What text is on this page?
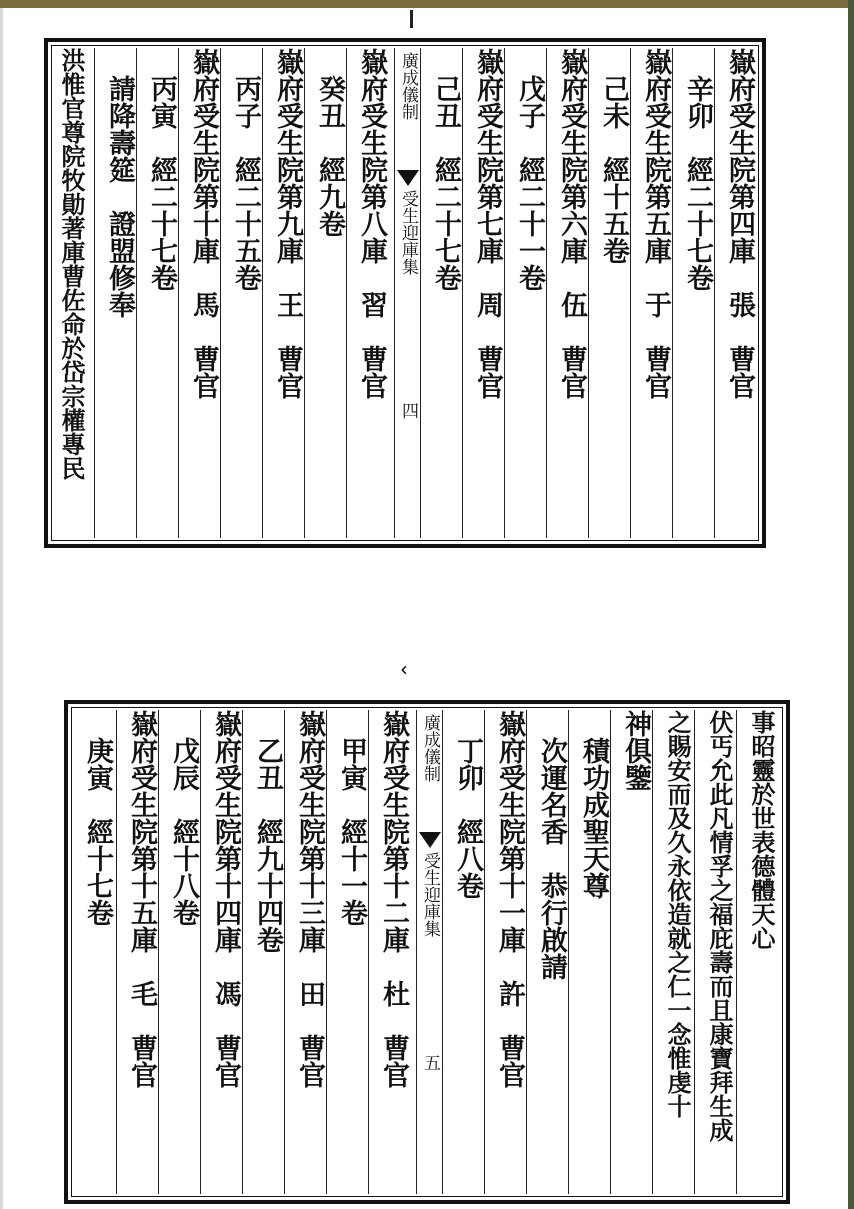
⌄
嶽府受生院第四庫　張　曹官
　辛卯　經二十七卷
嶽府受生院第五庫　于　曹官
　己未　經十五卷
嶽府受生院第六庫　伍　曹官
　戊子　經二十一卷
嶽府受生院第七庫　周　曹官
　己丑　經二十七卷
廣成儀制
受生迎庫集
四
嶽府受生院第八庫　習　曹官
　癸丑　經九卷
嶽府受生院第九庫　王　曹官
　丙子　經二十五卷
嶽府受生院第十庫　馬　曹官
　丙寅　經二十七卷
　請降壽筵　證盟修奉
洪惟官尊院牧勛著庫曹佐命於岱宗權專民
事昭靈於世表德體天心
伏丐允此凡情孚之福庇壽而且康寶拜生成
之賜安而及久永依造就之仁一念惟虔十
神俱鑒
　積功成聖天尊
　次運名香　恭行啟請
嶽府受生院第十一庫　許　曹官
　丁卯　經八卷
廣成儀制
受生迎庫集
五
嶽府受生院第十二庫　杜　曹官
　甲寅　經十一卷
嶽府受生院第十三庫　田　曹官
　乙丑　經九十四卷
嶽府受生院第十四庫　馮　曹官
　戊辰　經十八卷
嶽府受生院第十五庫　毛　曹官
　庚寅　經十七卷
